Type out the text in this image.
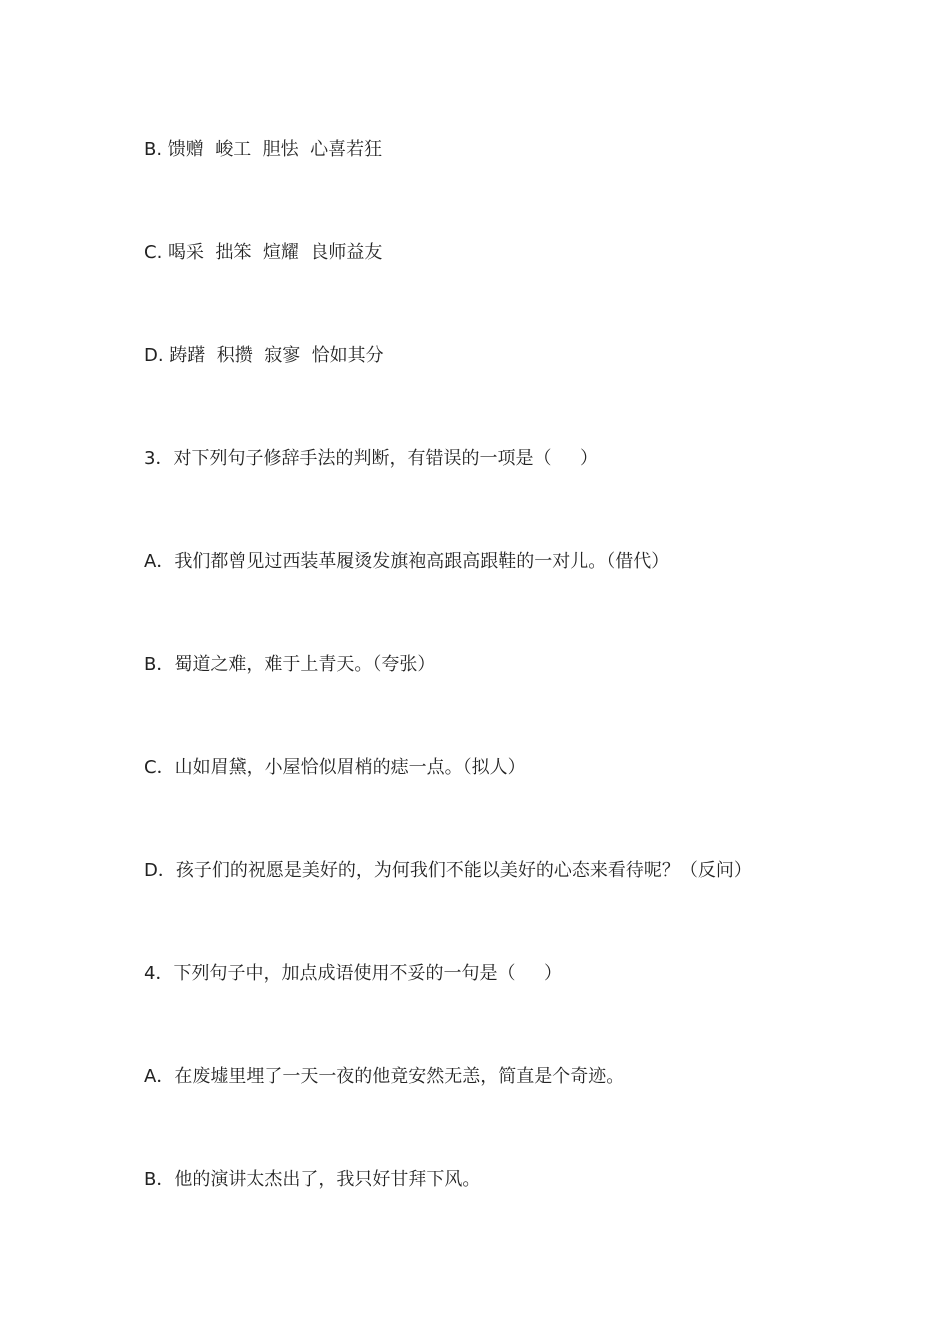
B. 馈赠  峻工  胆怯  心喜若狂
C. 喝采  拙笨  煊耀  良师益友
D. 踌躇  积攒  寂寥  恰如其分
3．对下列句子修辞手法的判断，有错误的一项是（     ）
A．我们都曾见过西装革履烫发旗袍高跟高跟鞋的一对儿。（借代）
B．蜀道之难，难于上青天。（夸张）
C．山如眉黛，小屋恰似眉梢的痣一点。（拟人）
D．孩子们的祝愿是美好的，为何我们不能以美好的心态来看待呢？（反问）
4．下列句子中，加点成语使用不妥的一句是（     ）
A．在废墟里埋了一天一夜的他竟安然无恙，简直是个奇迹。
B．他的演讲太杰出了，我只好甘拜下风。
